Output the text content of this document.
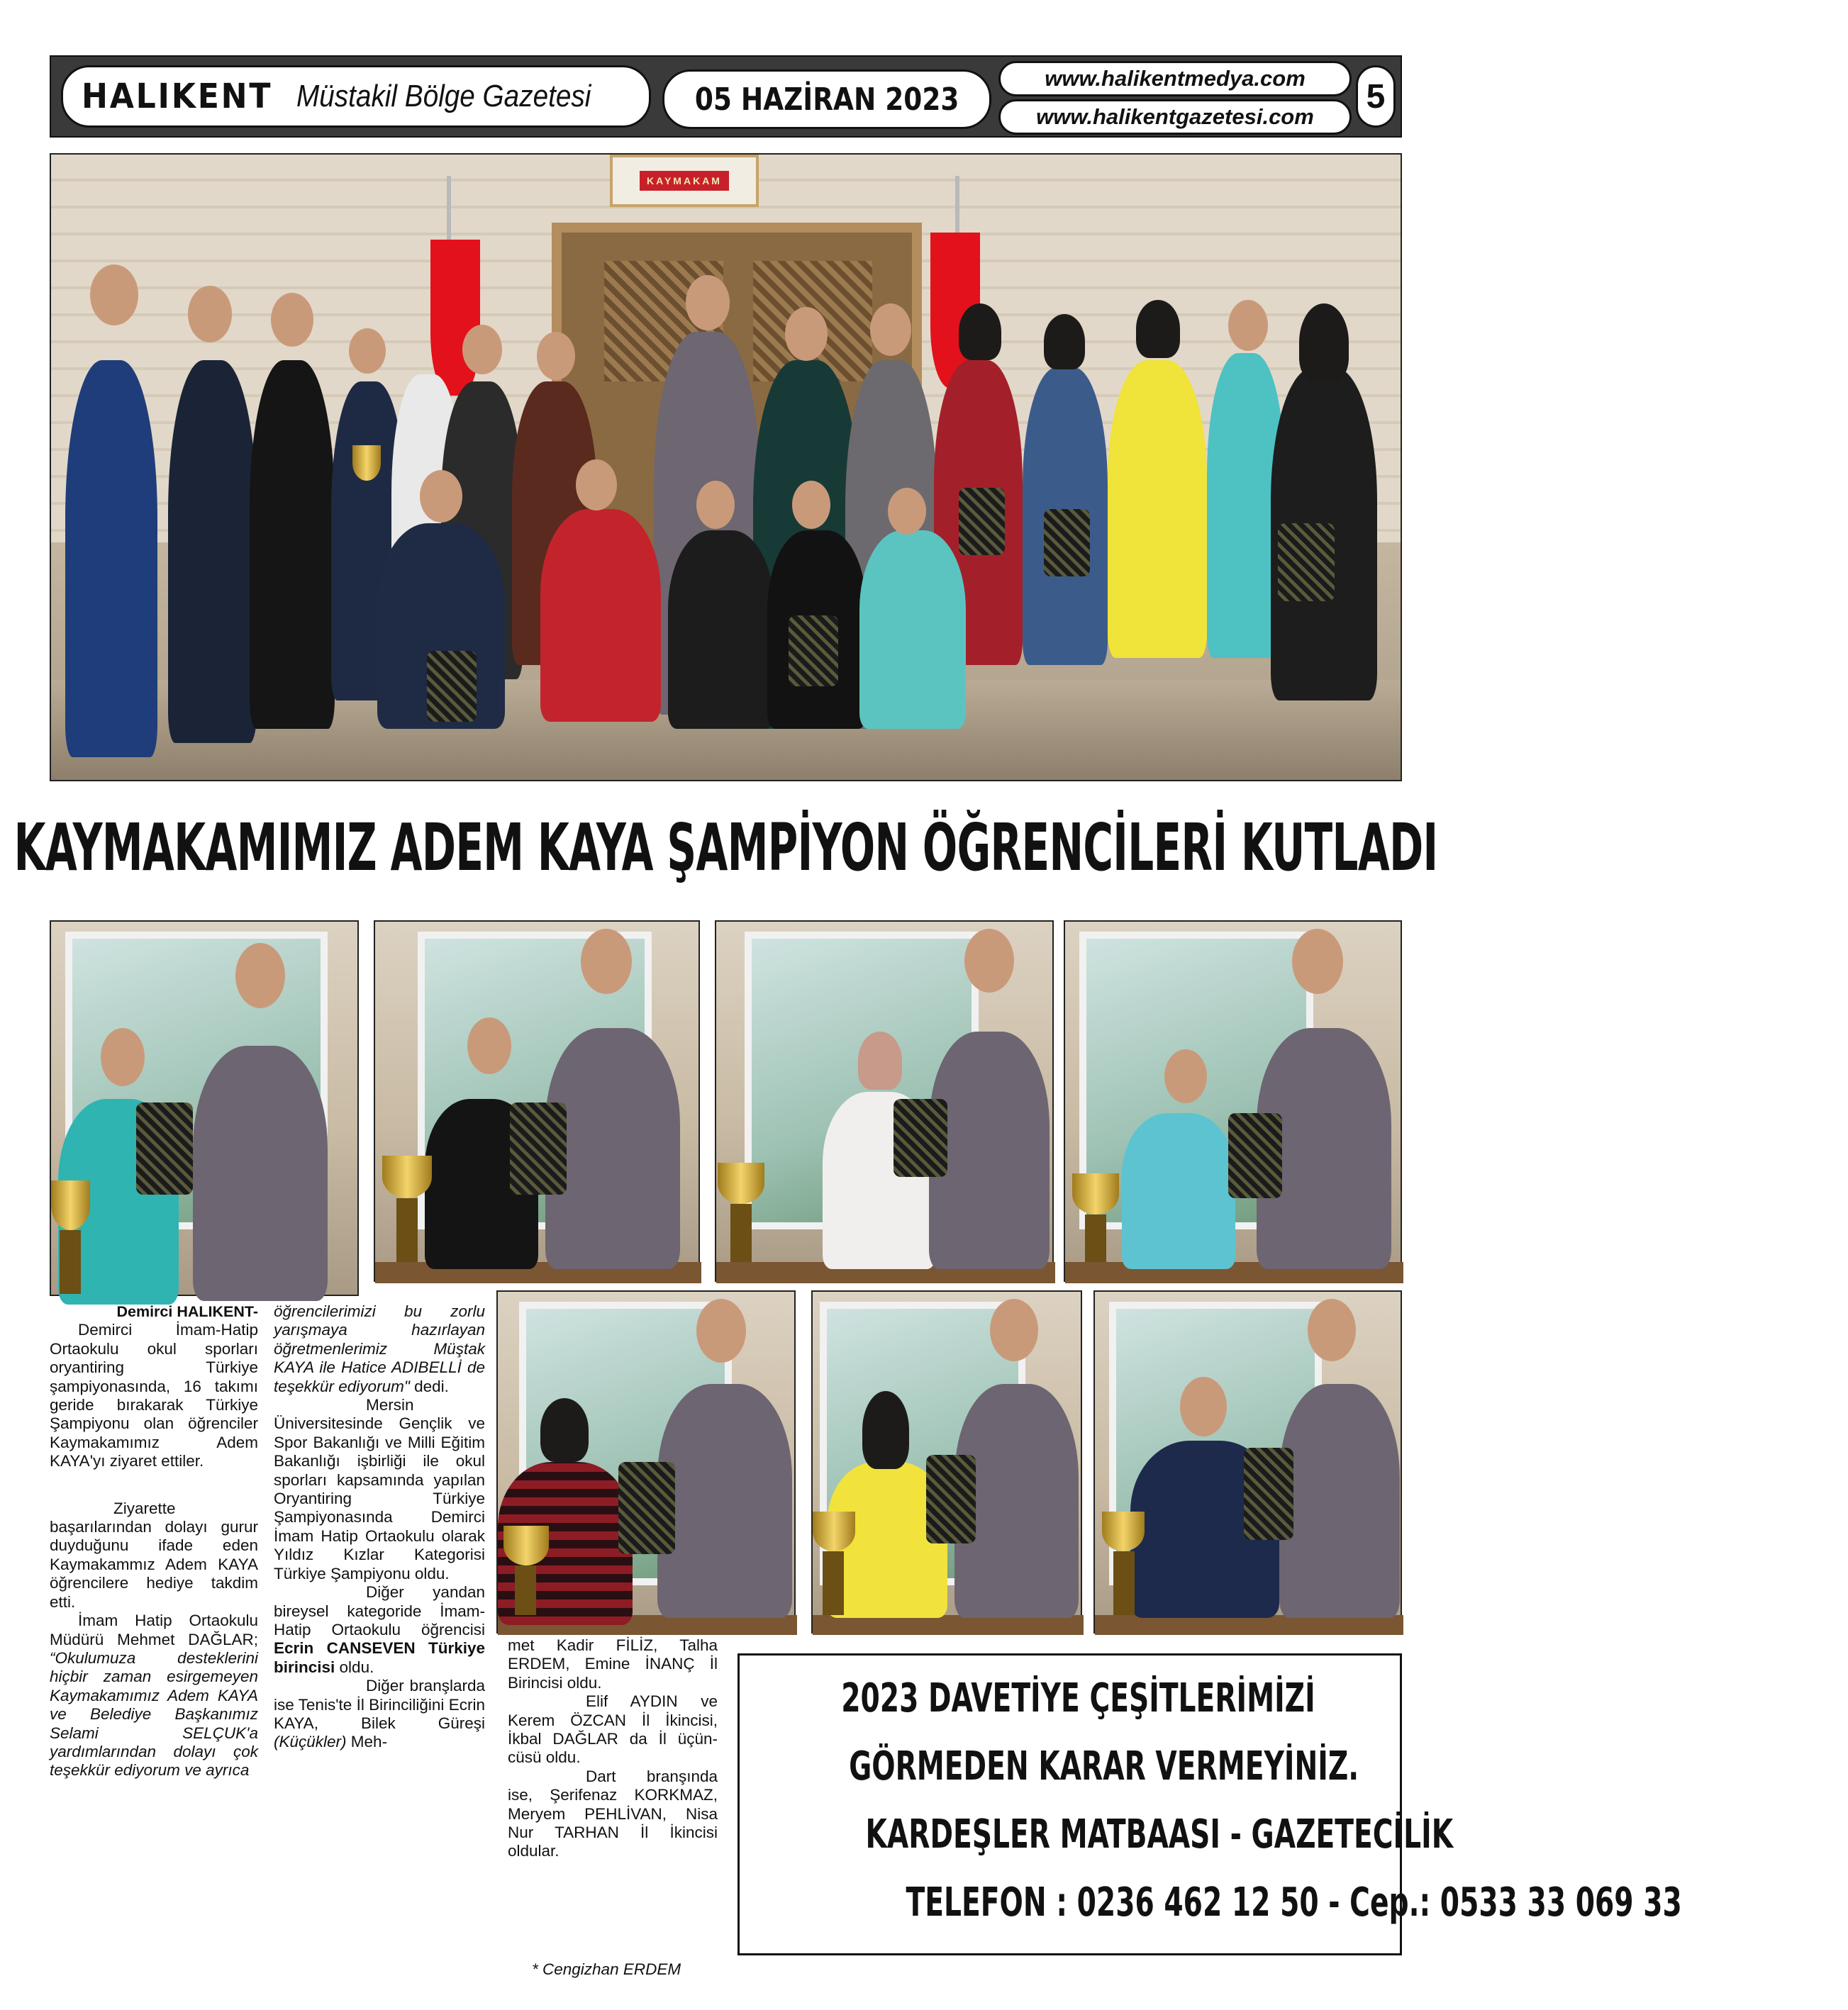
HALIKENT Müstakil Bölge Gazetesi	05 HAZİRAN 2023
www.halikentmedya.com
www.halikentgazetesi.com
5
KAYMAKAM
KAYMAKAMIMIZ ADEM KAYA ŞAMPİYON ÖĞRENCİLERİ KUTLADI

Demirci HALIKENT-

Demirci İmam-Hatip Ortaokulu okul sporları oryantiring Türkiye şampiyonasında, 16 takımı geride bırakarak Türkiye Şampiyonu olan öğrenciler Kaymakamımız Adem KAYA'yı ziyaret ettiler.

Ziyarette başarılarından dolayı gurur duyduğunu ifade eden Kaymakammız Adem KAYA öğrencilere hediye takdim etti.

İmam Hatip Ortaokulu Müdürü Mehmet DAĞLAR; “Okulumuza desteklerini hiçbir zaman esirgemeyen Kaymakamımız Adem KAYA ve Belediye Başkanımız Selami SELÇUK'a yardımlarından dolayı çok teşekkür ediyorum ve ayrıca

öğrencilerimizi bu zorlu yarışmaya hazırlayan öğretmenlerimiz Müştak KAYA ile Hatice ADIBELLİ de teşekkür ediyorum" dedi.

Mersin Üniversitesinde Gençlik ve Spor Bakanlığı ve Milli Eğitim Bakanlığı işbirliği ile okul sporları kapsamında yapılan Oryantiring Türkiye Şampiyonasında Demirci İmam Hatip Ortaokulu olarak Yıldız Kızlar Kategorisi Türkiye Şampiyonu oldu.

Diğer yandan bireysel kategoride İmam-Hatip Ortaokulu öğrencisi Ecrin CANSEVEN Türkiye birincisi oldu.

Diğer branşlarda ise Tenis'te İl Birinciliğini Ecrin KAYA, Bilek Güreşi (Küçükler) Meh-

met Kadir FİLİZ, Talha ERDEM, Emine İNANÇ İl Birincisi oldu.

Elif AYDIN ve Kerem ÖZCAN İl İkincisi, İkbal DAĞLAR da İl üçün-cüsü oldu.

Dart branşında ise, Şerifenaz KORKMAZ, Meryem PEHLİVAN, Nisa Nur TARHAN İl İkincisi oldular.

* Cengizhan ERDEM
2023 DAVETİYE ÇEŞİTLERİMİZİ
GÖRMEDEN KARAR VERMEYİNİZ.
KARDEŞLER MATBAASI - GAZETECİLİK
TELEFON : 0236 462 12 50 - Cep.: 0533 33 069 33
